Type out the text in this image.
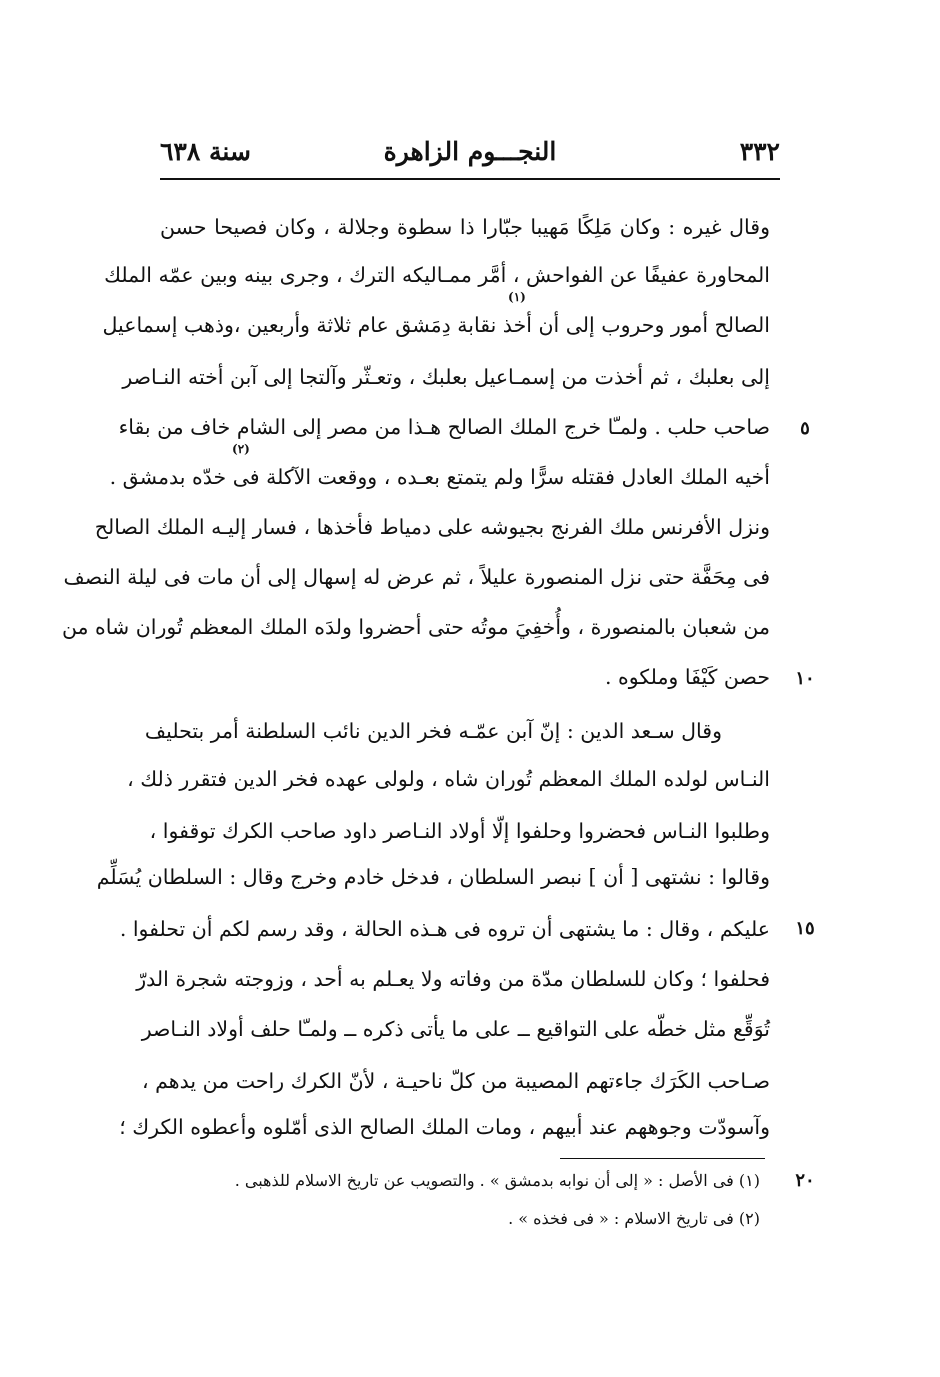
٣٣٢
النجـــوم الزاهرة
سنة ٦٣٨
وقال غيره : وكان مَلِكًا مَهيبا جبّارا ذا سطوة وجلالة ، وكان فصيحا حسن
المحاورة عفيفًا عن الفواحش ، أمَّر ممـاليكه الترك ، وجرى بينه وبين عمّه الملك
الصالح أمور وحروب إلى أن أخذ نقابة دِمَشق عام ثلاثة وأربعين ،وذهب إسماعيل
إلى بعلبك ، ثم أخذت من إسمـاعيل بعلبك ، وتعـثّر وآلتجا إلى آبن أخته النـاصر
صاحب حلب . ولمـّا خرج الملك الصالح هـذا من مصر إلى الشام خاف من بقاء
أخيه الملك العادل فقتله سرًّا ولم يتمتع بعـده ، ووقعت الآكلة فى خدّه بدمشق .
ونزل الأفرنس ملك الفرنج بجيوشه على دمياط فأخذها ، فسار إليـه الملك الصالح
فى مِحَفَّة حتى نزل المنصورة عليلاً ، ثم عرض له إسهال إلى أن مات فى ليلة النصف
من شعبان بالمنصورة ، وأُخفِيَ موتُه حتى أحضروا ولدَه الملك المعظم تُوران شاه من
حصن كَيْفَا وملكوه .
وقال سـعد الدين : إنّ آبن عمّـه فخر الدين نائب السلطنة أمر بتحليف
النـاس لولده الملك المعظم تُوران شاه ، ولولى عهده فخر الدين فتقرر ذلك ،
وطلبوا النـاس فحضروا وحلفوا إلّا أولاد النـاصر داود صاحب الكرك توقفوا ،
وقالوا : نشتهى [ أن ] نبصر السلطان ، فدخل خادم وخرج وقال : السلطان يُسَلِّم
عليكم ، وقال : ما يشتهى أن تروه فى هـذه الحالة ، وقد رسم لكم أن تحلفوا .
فحلفوا ؛ وكان للسلطان مدّة من وفاته ولا يعـلم به أحد ، وزوجته شجرة الدرّ
تُوَقِّع مثل خطّه على التواقيع ــ على ما يأتى ذكره ــ ولمـّا حلف أولاد النـاصر
صـاحب الكَرَك جاءتهم المصيبة من كلّ ناحيـة ، لأنّ الكرك راحت من يدهم ،
وآسودّت وجوههم عند أبيهم ، ومات الملك الصالح الذى أمّلوه وأعطوه الكرك ؛
(١)
(٢)
٥
١٠
١٥
٢٠
(١) فى الأصل : « إلى أن نوابه بدمشق » . والتصويب عن تاريخ الاسلام للذهبى .
(٢) فى تاريخ الاسلام : « فى فخذه » .
